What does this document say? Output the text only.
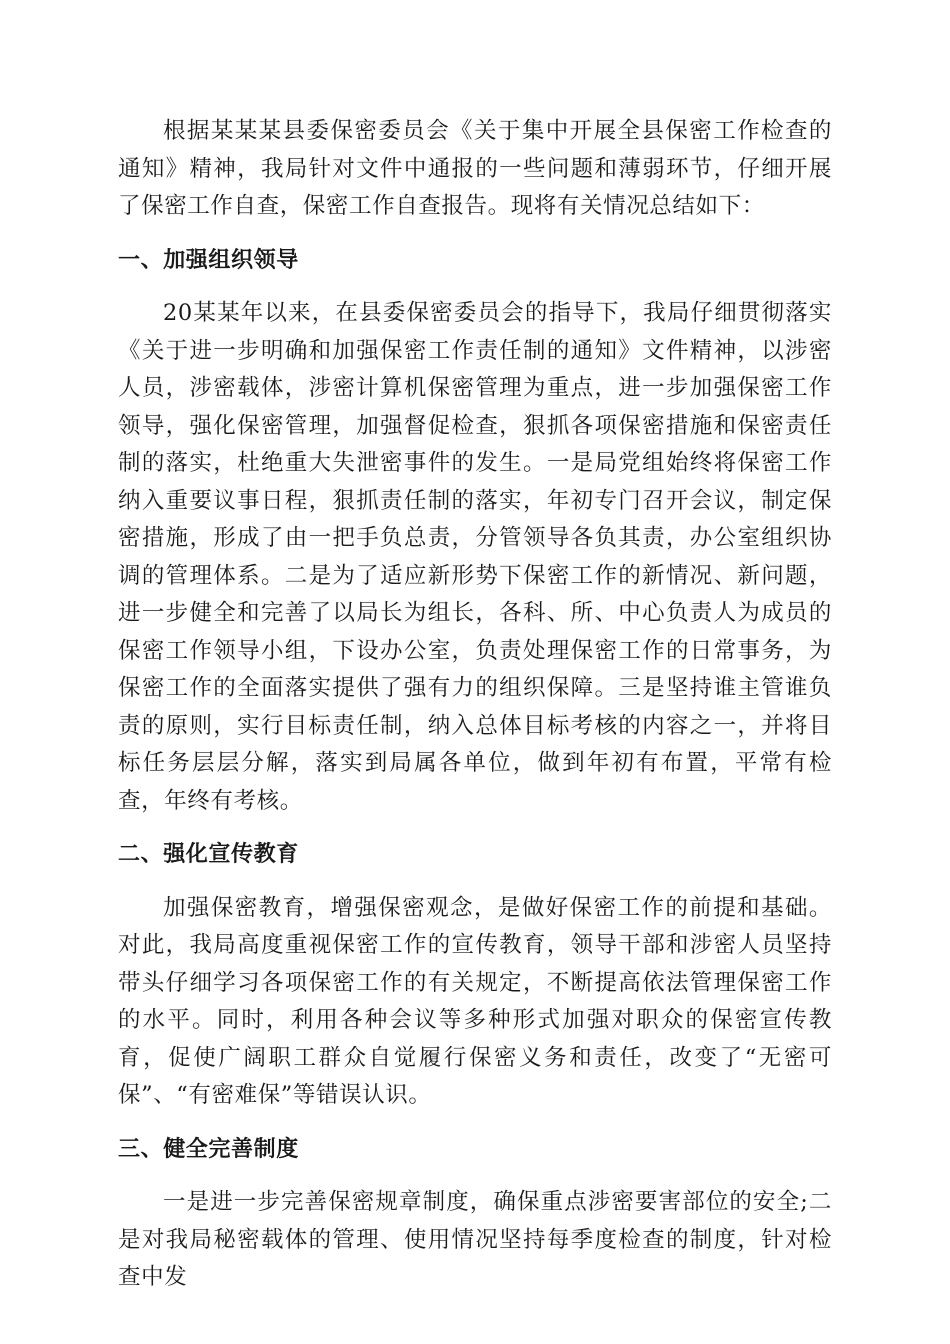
根据某某某县委保密委员会《关于集中开展全县保密工作检查的通知》精神，我局针对文件中通报的一些问题和薄弱环节，仔细开展了保密工作自查，保密工作自查报告。现将有关情况总结如下：

一、加强组织领导

20某某年以来，在县委保密委员会的指导下，我局仔细贯彻落实《关于进一步明确和加强保密工作责任制的通知》文件精神，以涉密人员，涉密载体，涉密计算机保密管理为重点，进一步加强保密工作领导，强化保密管理，加强督促检查，狠抓各项保密措施和保密责任制的落实，杜绝重大失泄密事件的发生。一是局党组始终将保密工作纳入重要议事日程，狠抓责任制的落实，年初专门召开会议，制定保密措施，形成了由一把手负总责，分管领导各负其责，办公室组织协调的管理体系。二是为了适应新形势下保密工作的新情况、新问题，进一步健全和完善了以局长为组长，各科、所、中心负责人为成员的保密工作领导小组，下设办公室，负责处理保密工作的日常事务，为保密工作的全面落实提供了强有力的组织保障。三是坚持谁主管谁负责的原则，实行目标责任制，纳入总体目标考核的内容之一，并将目标任务层层分解，落实到局属各单位，做到年初有布置，平常有检查，年终有考核。

二、强化宣传教育

加强保密教育，增强保密观念，是做好保密工作的前提和基础。对此，我局高度重视保密工作的宣传教育，领导干部和涉密人员坚持带头仔细学习各项保密工作的有关规定，不断提高依法管理保密工作的水平。同时，利用各种会议等多种形式加强对职众的保密宣传教育，促使广阔职工群众自觉履行保密义务和责任，改变了“无密可保”、“有密难保”等错误认识。

三、健全完善制度

一是进一步完善保密规章制度，确保重点涉密要害部位的安全;二是对我局秘密载体的管理、使用情况坚持每季度检查的制度，针对检查中发
